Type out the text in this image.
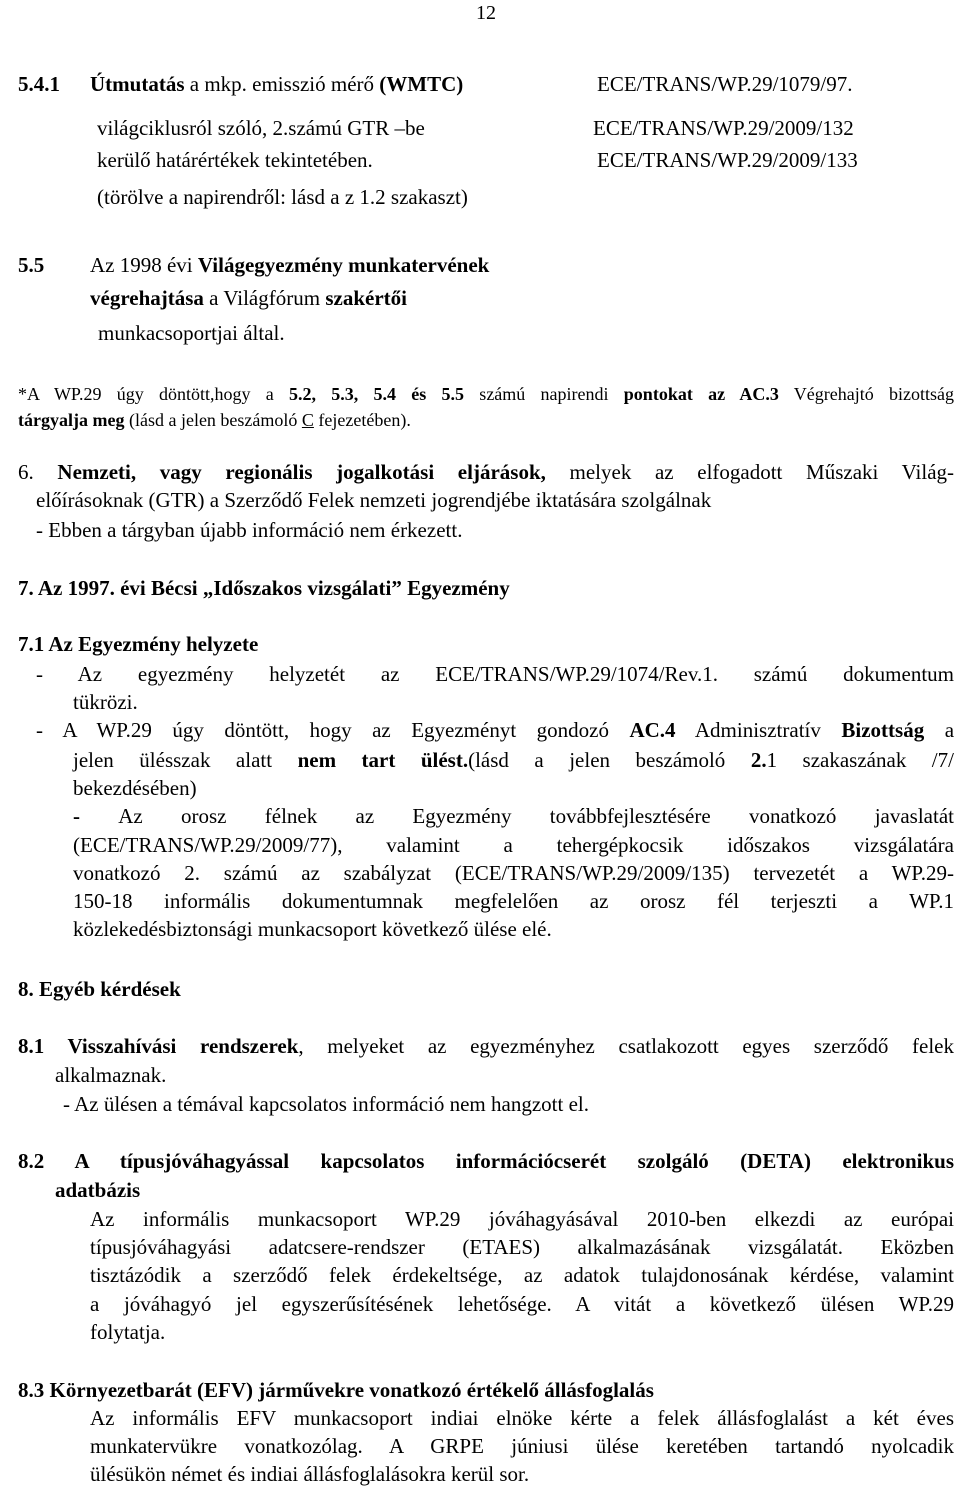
12
5.4.1 Útmutatás a mkp. emisszió mérő (WMTC)
világciklusról szóló, 2.számú GTR –be
kerülő határértékek tekintetében.
(törölve a napirendről: lásd a z 1.2 szakaszt)
ECE/TRANS/WP.29/1079/97.
ECE/TRANS/WP.29/2009/132
ECE/TRANS/WP.29/2009/133
5.5 Az 1998 évi Világegyezmény munkatervének
végrehajtása a Világfórum szakértői
munkacsoportjai által.
*A WP.29 úgy döntött,hogy a 5.2, 5.3, 5.4 és 5.5 számú napirendi pontokat az AC.3 Végrehajtó bizottság
tárgyalja meg (lásd a jelen beszámoló C fejezetében).
6. Nemzeti, vagy regionális jogalkotási eljárások, melyek az elfogadott Műszaki Világ-
előírásoknak (GTR) a Szerződő Felek nemzeti jogrendjébe iktatására szolgálnak
- Ebben a tárgyban újabb információ nem érkezett.
7. Az 1997. évi Bécsi „Időszakos vizsgálati” Egyezmény
7.1 Az Egyezmény helyzete
- Az egyezmény helyzetét az ECE/TRANS/WP.29/1074/Rev.1. számú dokumentum
tükrözi.
- A WP.29 úgy döntött, hogy az Egyezményt gondozó AC.4 Adminisztratív Bizottság a
jelen ülésszak alatt nem tart ülést.(lásd a jelen beszámoló 2.1 szakaszának /7/
bekezdésében)
- Az orosz félnek az Egyezmény továbbfejlesztésére vonatkozó javaslatát
(ECE/TRANS/WP.29/2009/77), valamint a tehergépkocsik időszakos vizsgálatára
vonatkozó 2. számú az szabályzat (ECE/TRANS/WP.29/2009/135) tervezetét a WP.29-
150-18 informális dokumentumnak megfelelően az orosz fél terjeszti a WP.1
közlekedésbiztonsági munkacsoport következő ülése elé.
8. Egyéb kérdések
8.1 Visszahívási rendszerek, melyeket az egyezményhez csatlakozott egyes szerződő felek
alkalmaznak.
- Az ülésen a témával kapcsolatos információ nem hangzott el.
8.2 A típusjóváhagyással kapcsolatos információcserét szolgáló (DETA) elektronikus
adatbázis
Az informális munkacsoport WP.29 jóváhagyásával 2010-ben elkezdi az európai
típusjóváhagyási adatcsere-rendszer (ETAES) alkalmazásának vizsgálatát. Eközben
tisztázódik a szerződő felek érdekeltsége, az adatok tulajdonosának kérdése, valamint
a jóváhagyó jel egyszerűsítésének lehetősége. A vitát a következő ülésen WP.29
folytatja.
8.3 Környezetbarát (EFV) járművekre vonatkozó értékelő állásfoglalás
Az informális EFV munkacsoport indiai elnöke kérte a felek állásfoglalást a két éves
munkatervükre vonatkozólag. A GRPE júniusi ülése keretében tartandó nyolcadik
ülésükön német és indiai állásfoglalásokra kerül sor.
